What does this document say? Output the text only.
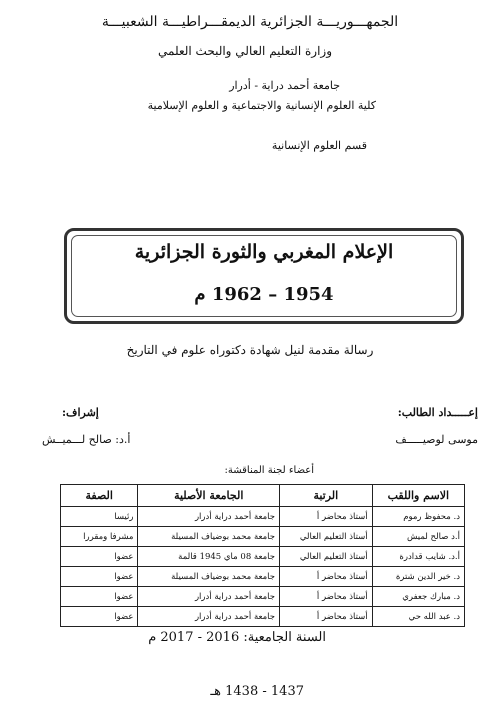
الجمهـــوريـــة الجزائرية الديمقـــراطيـــة الشعبيـــة
وزارة التعليم العالي والبحث العلمي
جامعة أحمد دراية - أدرار
كلية العلوم الإنسانية والاجتماعية و العلوم الإسلامية
قسم العلوم الإنسانية
الإعلام المغربي والثورة الجزائرية
1954 – 1962 م
رسالة مقدمة لنيل شهادة دكتوراه علوم في التاريخ
إعـــــداد الطالب:
موسى لوصيـــــف
إشراف:
أ.د: صالح لـــميــش
أعضاء لجنة المناقشة:
الاسم واللقب	الرتبة	الجامعة الأصلية	الصفة
د. محفوظ رموم	أستاذ محاضر أ	جامعة أحمد دراية أدرار	رئيسا
أ.د صالح لميش	أستاذ التعليم العالي	جامعة محمد بوضياف المسيلة	مشرفا ومقررا
أ.د. شايب قدادرة	أستاذ التعليم العالي	جامعة 08 ماي 1945 قالمة	عضوا
د. خير الدين شترة	أستاذ محاضر أ	جامعة محمد بوضياف المسيلة	عضوا
د. مبارك جعفري	أستاذ محاضر أ	جامعة أحمد دراية أدرار	عضوا
د. عبد الله حي	أستاذ محاضر أ	جامعة أحمد دراية أدرار	عضوا
السنة الجامعية: 2016 - 2017 م
1437 - 1438 هـ
